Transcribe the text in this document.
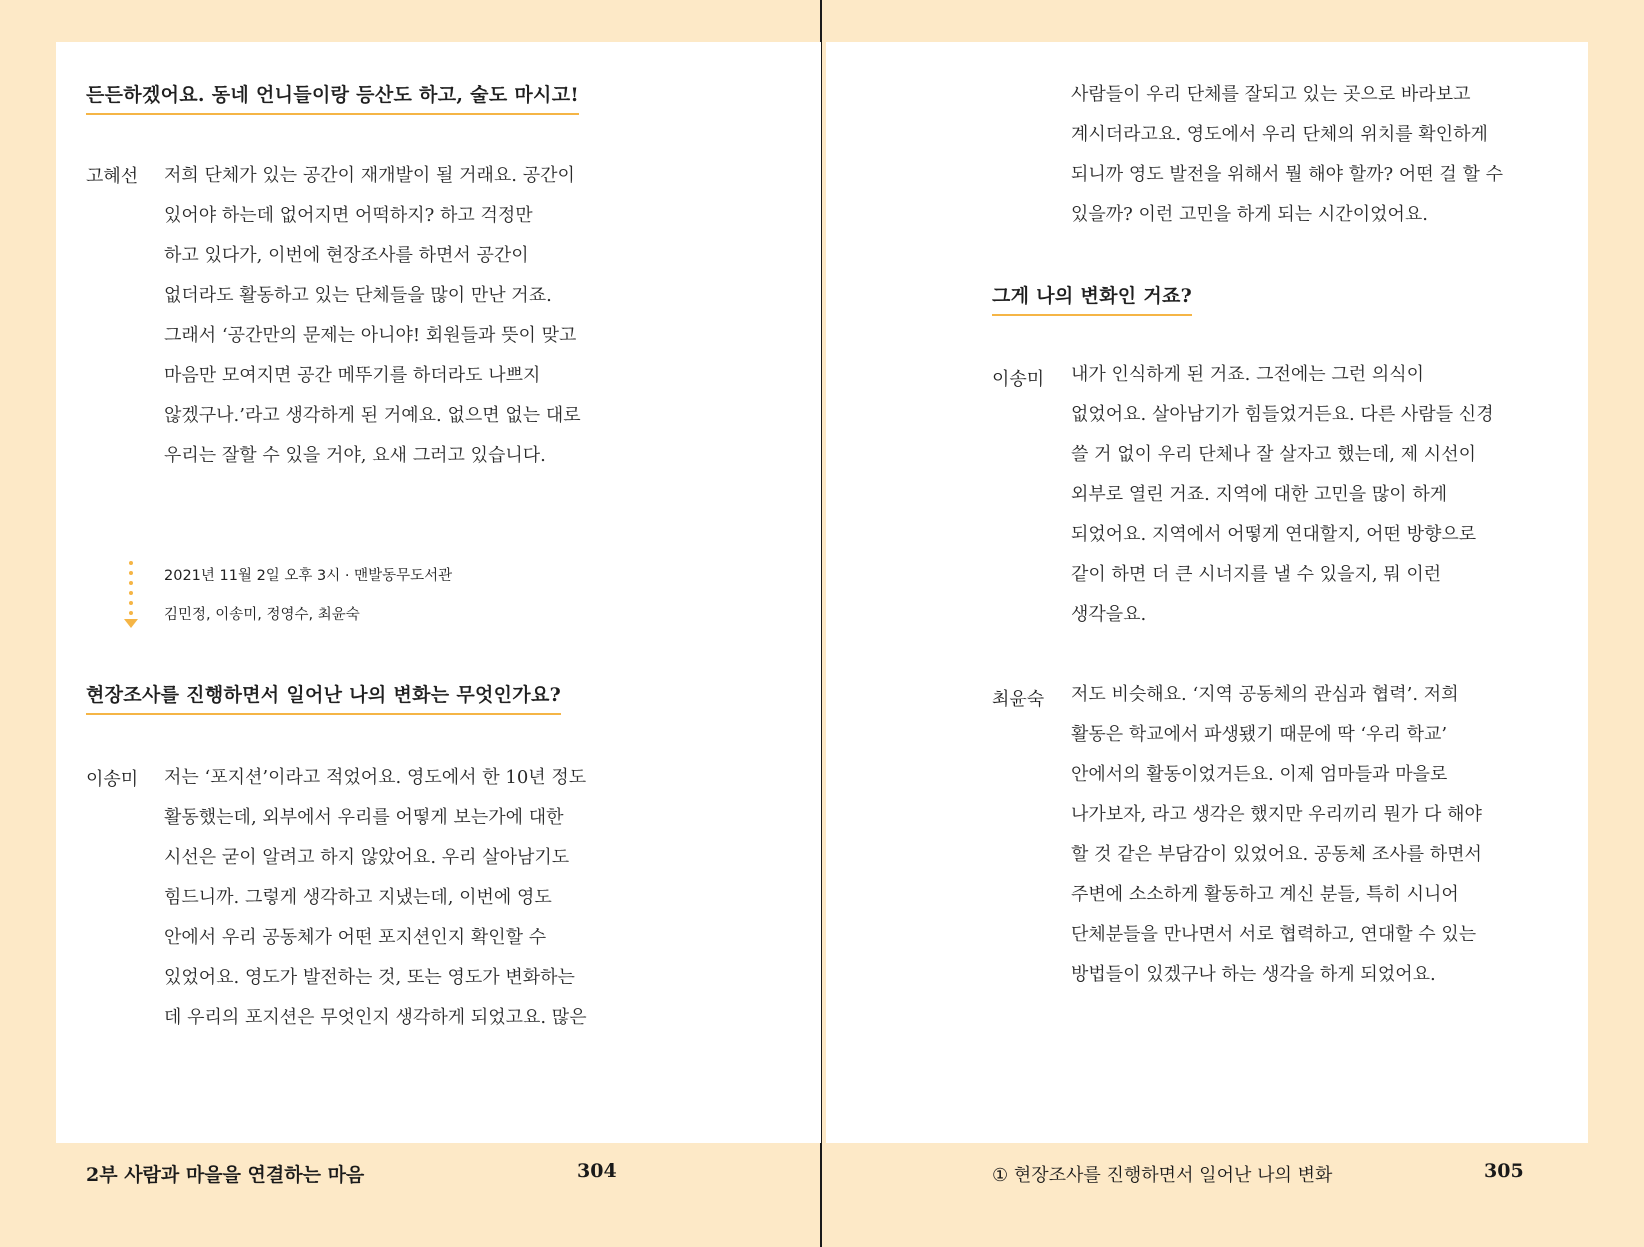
든든하겠어요. 동네 언니들이랑 등산도 하고, 술도 마시고!
고혜선 저희 단체가 있는 공간이 재개발이 될 거래요. 공간이
있어야 하는데 없어지면 어떡하지? 하고 걱정만
하고 있다가, 이번에 현장조사를 하면서 공간이
없더라도 활동하고 있는 단체들을 많이 만난 거죠.
그래서 ‘공간만의 문제는 아니야! 회원들과 뜻이 맞고
마음만 모여지면 공간 메뚜기를 하더라도 나쁘지
않겠구나.’라고 생각하게 된 거예요. 없으면 없는 대로
우리는 잘할 수 있을 거야, 요새 그러고 있습니다.
2021년 11월 2일 오후 3시 · 맨발동무도서관
김민정, 이송미, 정영수, 최윤숙
현장조사를 진행하면서 일어난 나의 변화는 무엇인가요?
이송미 저는 ‘포지션’이라고 적었어요. 영도에서 한 10년 정도
활동했는데, 외부에서 우리를 어떻게 보는가에 대한
시선은 굳이 알려고 하지 않았어요. 우리 살아남기도
힘드니까. 그렇게 생각하고 지냈는데, 이번에 영도
안에서 우리 공동체가 어떤 포지션인지 확인할 수
있었어요. 영도가 발전하는 것, 또는 영도가 변화하는
데 우리의 포지션은 무엇인지 생각하게 되었고요. 많은
2부 사람과 마을을 연결하는 마음	304
사람들이 우리 단체를 잘되고 있는 곳으로 바라보고
계시더라고요. 영도에서 우리 단체의 위치를 확인하게
되니까 영도 발전을 위해서 뭘 해야 할까? 어떤 걸 할 수
있을까? 이런 고민을 하게 되는 시간이었어요.
그게 나의 변화인 거죠?
이송미 내가 인식하게 된 거죠. 그전에는 그런 의식이
없었어요. 살아남기가 힘들었거든요. 다른 사람들 신경
쓸 거 없이 우리 단체나 잘 살자고 했는데, 제 시선이
외부로 열린 거죠. 지역에 대한 고민을 많이 하게
되었어요. 지역에서 어떻게 연대할지, 어떤 방향으로
같이 하면 더 큰 시너지를 낼 수 있을지, 뭐 이런
생각을요.
최윤숙 저도 비슷해요. ‘지역 공동체의 관심과 협력’. 저희
활동은 학교에서 파생됐기 때문에 딱 ‘우리 학교’
안에서의 활동이었거든요. 이제 엄마들과 마을로
나가보자, 라고 생각은 했지만 우리끼리 뭔가 다 해야
할 것 같은 부담감이 있었어요. 공동체 조사를 하면서
주변에 소소하게 활동하고 계신 분들, 특히 시니어
단체분들을 만나면서 서로 협력하고, 연대할 수 있는
방법들이 있겠구나 하는 생각을 하게 되었어요.
① 현장조사를 진행하면서 일어난 나의 변화	305
